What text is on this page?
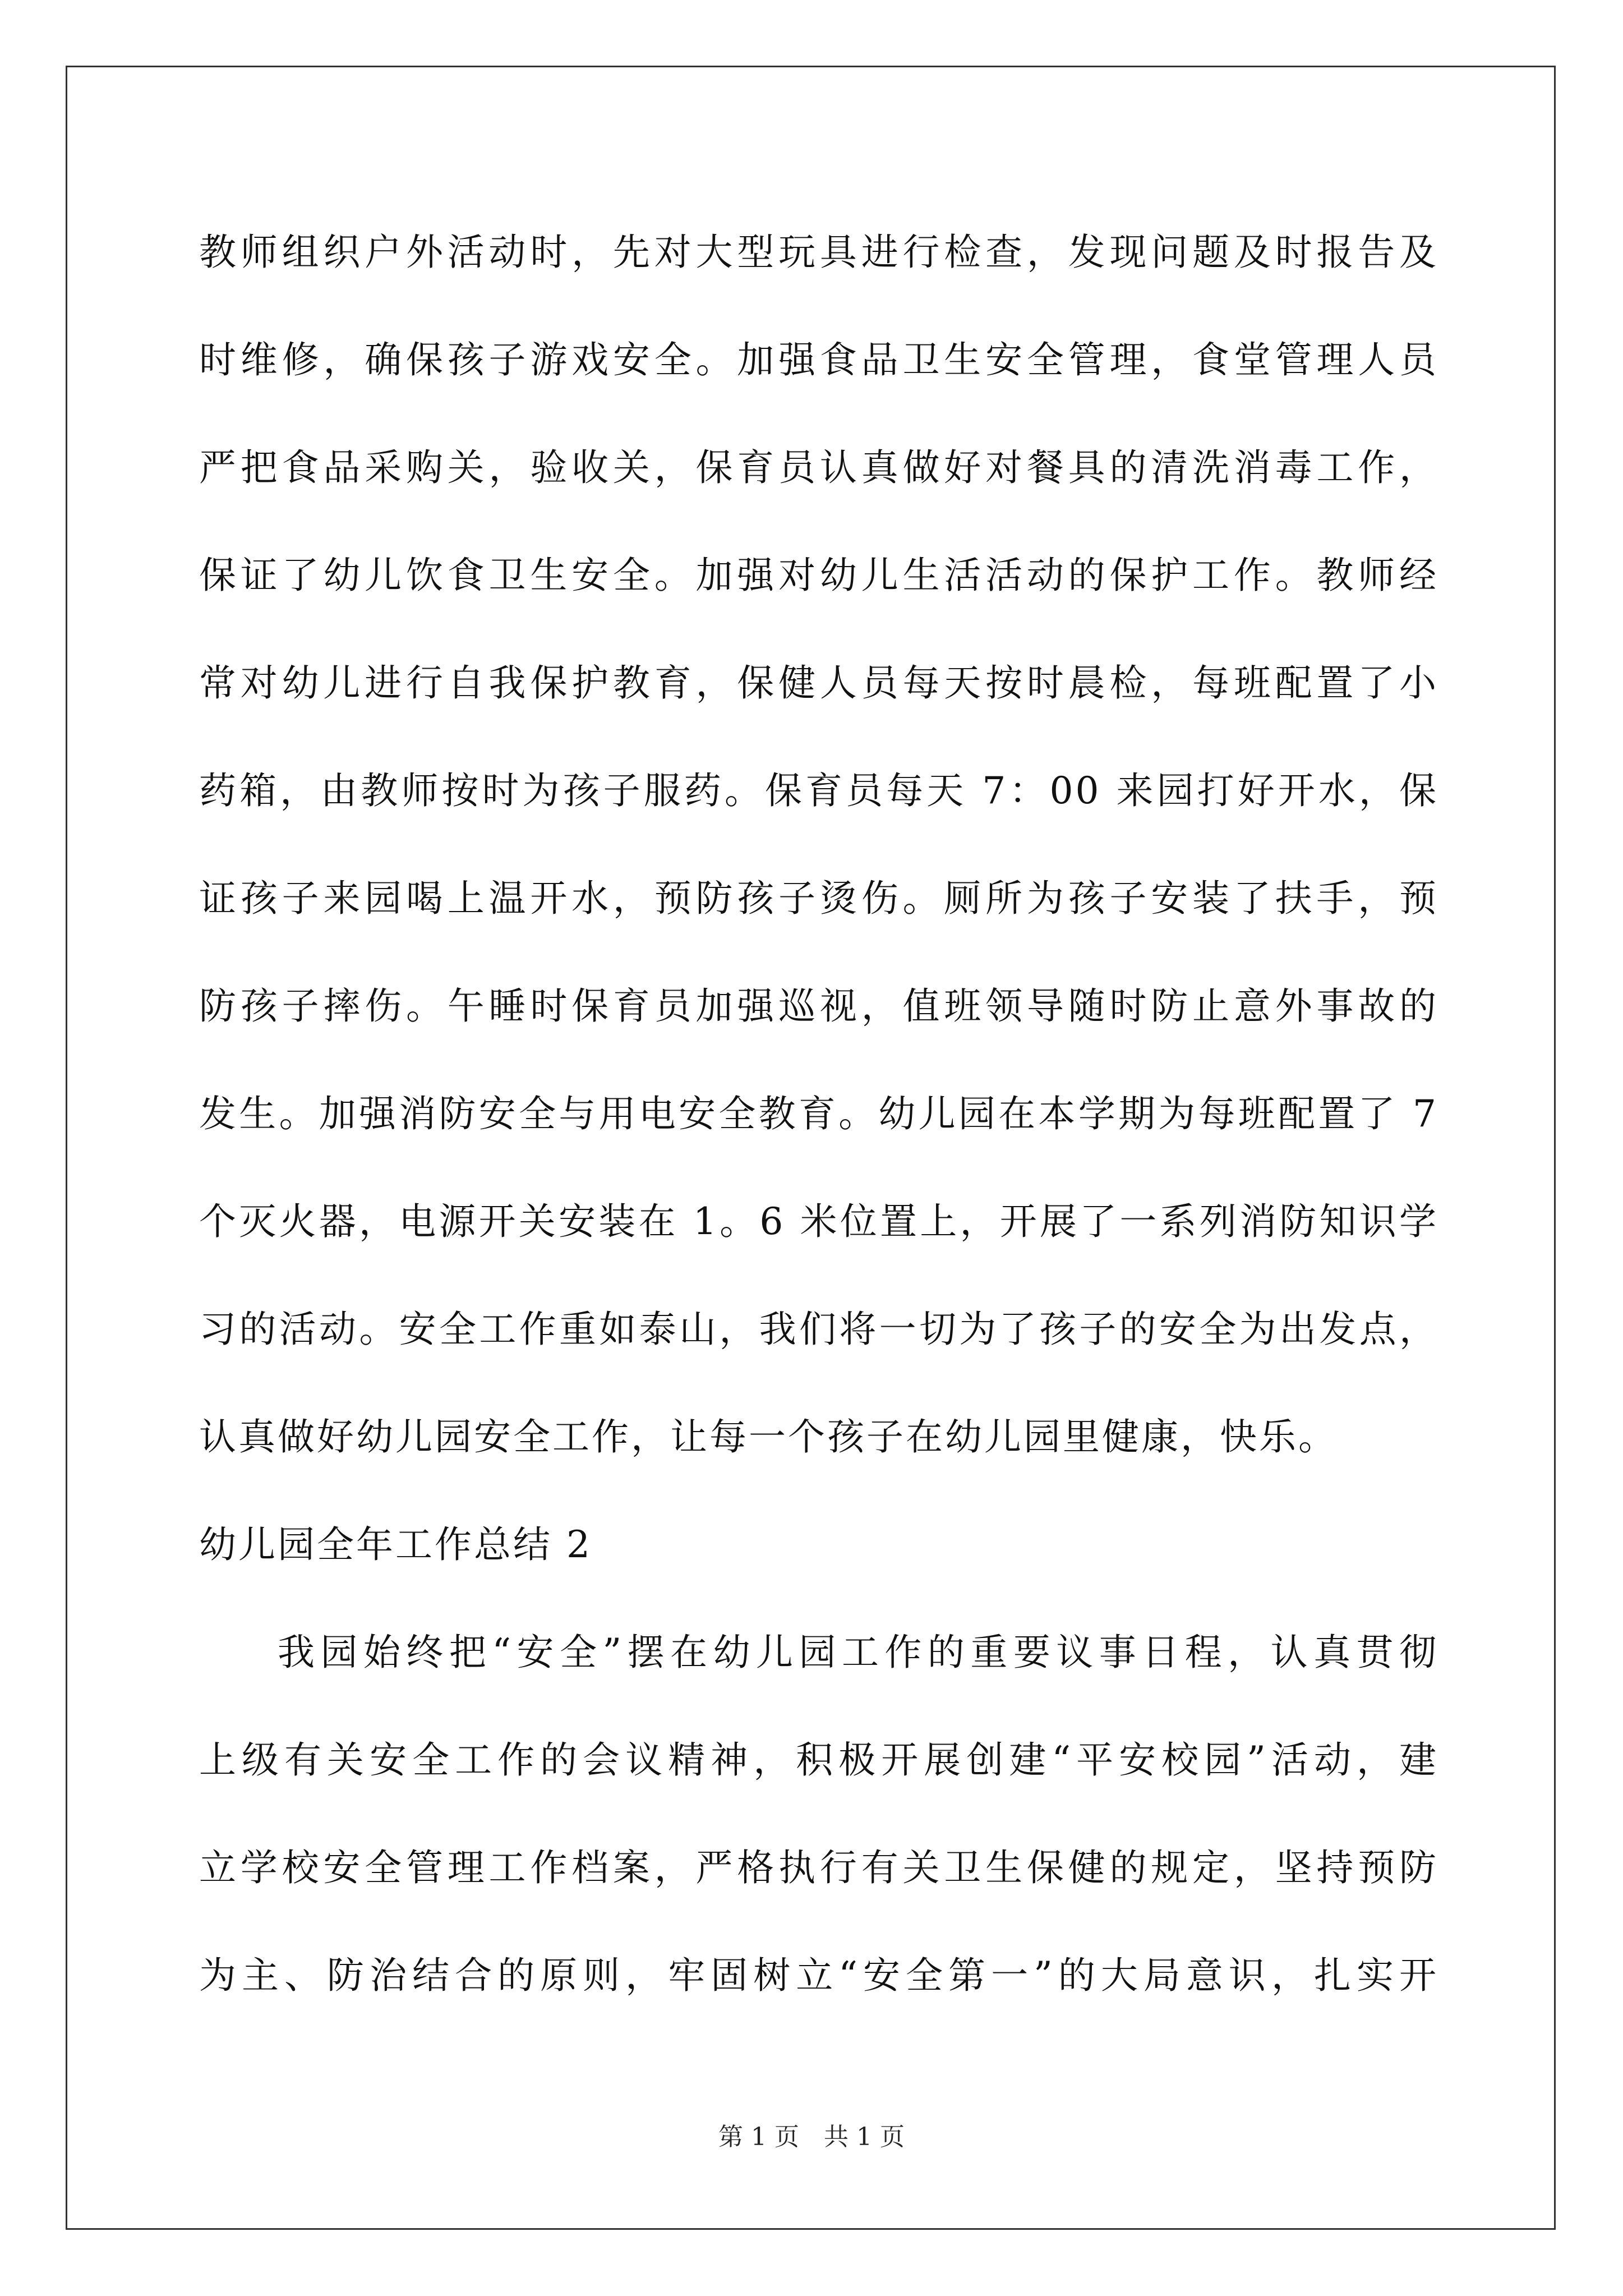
教师组织户外活动时，先对大型玩具进行检查，发现问题及时报告及
时维修，确保孩子游戏安全。加强食品卫生安全管理，食堂管理人员
严把食品采购关，验收关，保育员认真做好对餐具的清洗消毒工作，
保证了幼儿饮食卫生安全。加强对幼儿生活活动的保护工作。教师经
常对幼儿进行自我保护教育，保健人员每天按时晨检，每班配置了小
药箱，由教师按时为孩子服药。保育员每天 7：00 来园打好开水，保
证孩子来园喝上温开水，预防孩子烫伤。厕所为孩子安装了扶手，预
防孩子摔伤。午睡时保育员加强巡视，值班领导随时防止意外事故的
发生。加强消防安全与用电安全教育。幼儿园在本学期为每班配置了 7
个灭火器，电源开关安装在 1。6 米位置上，开展了一系列消防知识学
习的活动。安全工作重如泰山，我们将一切为了孩子的安全为出发点，
认真做好幼儿园安全工作，让每一个孩子在幼儿园里健康，快乐。
幼儿园全年工作总结 2
我园始终把“安全”摆在幼儿园工作的重要议事日程，认真贯彻
上级有关安全工作的会议精神，积极开展创建“平安校园”活动，建
立学校安全管理工作档案，严格执行有关卫生保健的规定，坚持预防
为主、防治结合的原则，牢固树立“安全第一”的大局意识，扎实开
第 1 页　共 1 页
